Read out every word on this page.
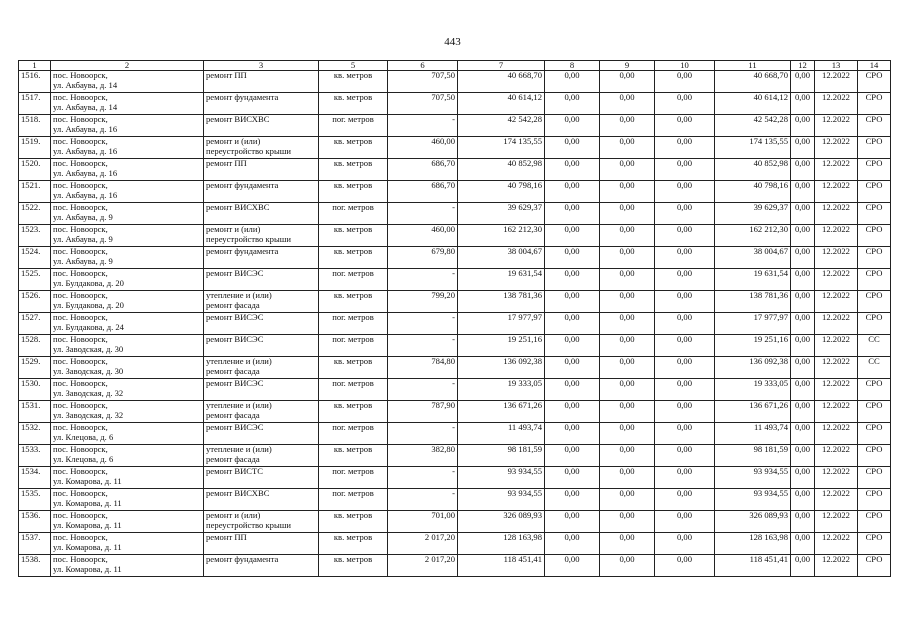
443
1	2	3	5	6	7	8	9	10	11	12	13	14
1516.	пос. Новоорск,
ул. Акбаувa, д. 14	ремонт ПП	кв. метров	707,50	40 668,70	0,00	0,00	0,00	40 668,70	0,00	12.2022	СРО
1517.	пос. Новоорск,
ул. Акбаувa, д. 14	ремонт фундамента	кв. метров	707,50	40 614,12	0,00	0,00	0,00	40 614,12	0,00	12.2022	СРО
1518.	пос. Новоорск,
ул. Акбаувa, д. 16	ремонт ВИСХВС	пог. метров	-	42 542,28	0,00	0,00	0,00	42 542,28	0,00	12.2022	СРО
1519.	пос. Новоорск,
ул. Акбаувa, д. 16	ремонт и (или)
переустройство крыши	кв. метров	460,00	174 135,55	0,00	0,00	0,00	174 135,55	0,00	12.2022	СРО
1520.	пос. Новоорск,
ул. Акбаувa, д. 16	ремонт ПП	кв. метров	686,70	40 852,98	0,00	0,00	0,00	40 852,98	0,00	12.2022	СРО
1521.	пос. Новоорск,
ул. Акбаувa, д. 16	ремонт фундамента	кв. метров	686,70	40 798,16	0,00	0,00	0,00	40 798,16	0,00	12.2022	СРО
1522.	пос. Новоорск,
ул. Акбаувa, д. 9	ремонт ВИСХВС	пог. метров	-	39 629,37	0,00	0,00	0,00	39 629,37	0,00	12.2022	СРО
1523.	пос. Новоорск,
ул. Акбаувa, д. 9	ремонт и (или)
переустройство крыши	кв. метров	460,00	162 212,30	0,00	0,00	0,00	162 212,30	0,00	12.2022	СРО
1524.	пос. Новоорск,
ул. Акбаувa, д. 9	ремонт фундамента	кв. метров	679,80	38 004,67	0,00	0,00	0,00	38 004,67	0,00	12.2022	СРО
1525.	пос. Новоорск,
ул. Булдакова, д. 20	ремонт ВИСЭС	пог. метров	-	19 631,54	0,00	0,00	0,00	19 631,54	0,00	12.2022	СРО
1526.	пос. Новоорск,
ул. Булдакова, д. 20	утепление и (или)
ремонт фасада	кв. метров	799,20	138 781,36	0,00	0,00	0,00	138 781,36	0,00	12.2022	СРО
1527.	пос. Новоорск,
ул. Булдакова, д. 24	ремонт ВИСЭС	пог. метров	-	17 977,97	0,00	0,00	0,00	17 977,97	0,00	12.2022	СРО
1528.	пос. Новоорск,
ул. Заводская, д. 30	ремонт ВИСЭС	пог. метров	-	19 251,16	0,00	0,00	0,00	19 251,16	0,00	12.2022	СС
1529.	пос. Новоорск,
ул. Заводская, д. 30	утепление и (или)
ремонт фасада	кв. метров	784,80	136 092,38	0,00	0,00	0,00	136 092,38	0,00	12.2022	СС
1530.	пос. Новоорск,
ул. Заводская, д. 32	ремонт ВИСЭС	пог. метров	-	19 333,05	0,00	0,00	0,00	19 333,05	0,00	12.2022	СРО
1531.	пос. Новоорск,
ул. Заводская, д. 32	утепление и (или)
ремонт фасада	кв. метров	787,90	136 671,26	0,00	0,00	0,00	136 671,26	0,00	12.2022	СРО
1532.	пос. Новоорск,
ул. Клецова, д. 6	ремонт ВИСЭС	пог. метров	-	11 493,74	0,00	0,00	0,00	11 493,74	0,00	12.2022	СРО
1533.	пос. Новоорск,
ул. Клецова, д. 6	утепление и (или)
ремонт фасада	кв. метров	382,80	98 181,59	0,00	0,00	0,00	98 181,59	0,00	12.2022	СРО
1534.	пос. Новоорск,
ул. Комарова, д. 11	ремонт ВИСТС	пог. метров	-	93 934,55	0,00	0,00	0,00	93 934,55	0,00	12.2022	СРО
1535.	пос. Новоорск,
ул. Комарова, д. 11	ремонт ВИСХВС	пог. метров	-	93 934,55	0,00	0,00	0,00	93 934,55	0,00	12.2022	СРО
1536.	пос. Новоорск,
ул. Комарова, д. 11	ремонт и (или)
переустройство крыши	кв. метров	701,00	326 089,93	0,00	0,00	0,00	326 089,93	0,00	12.2022	СРО
1537.	пос. Новоорск,
ул. Комарова, д. 11	ремонт ПП	кв. метров	2 017,20	128 163,98	0,00	0,00	0,00	128 163,98	0,00	12.2022	СРО
1538.	пос. Новоорск,
ул. Комарова, д. 11	ремонт фундамента	кв. метров	2 017,20	118 451,41	0,00	0,00	0,00	118 451,41	0,00	12.2022	СРО
